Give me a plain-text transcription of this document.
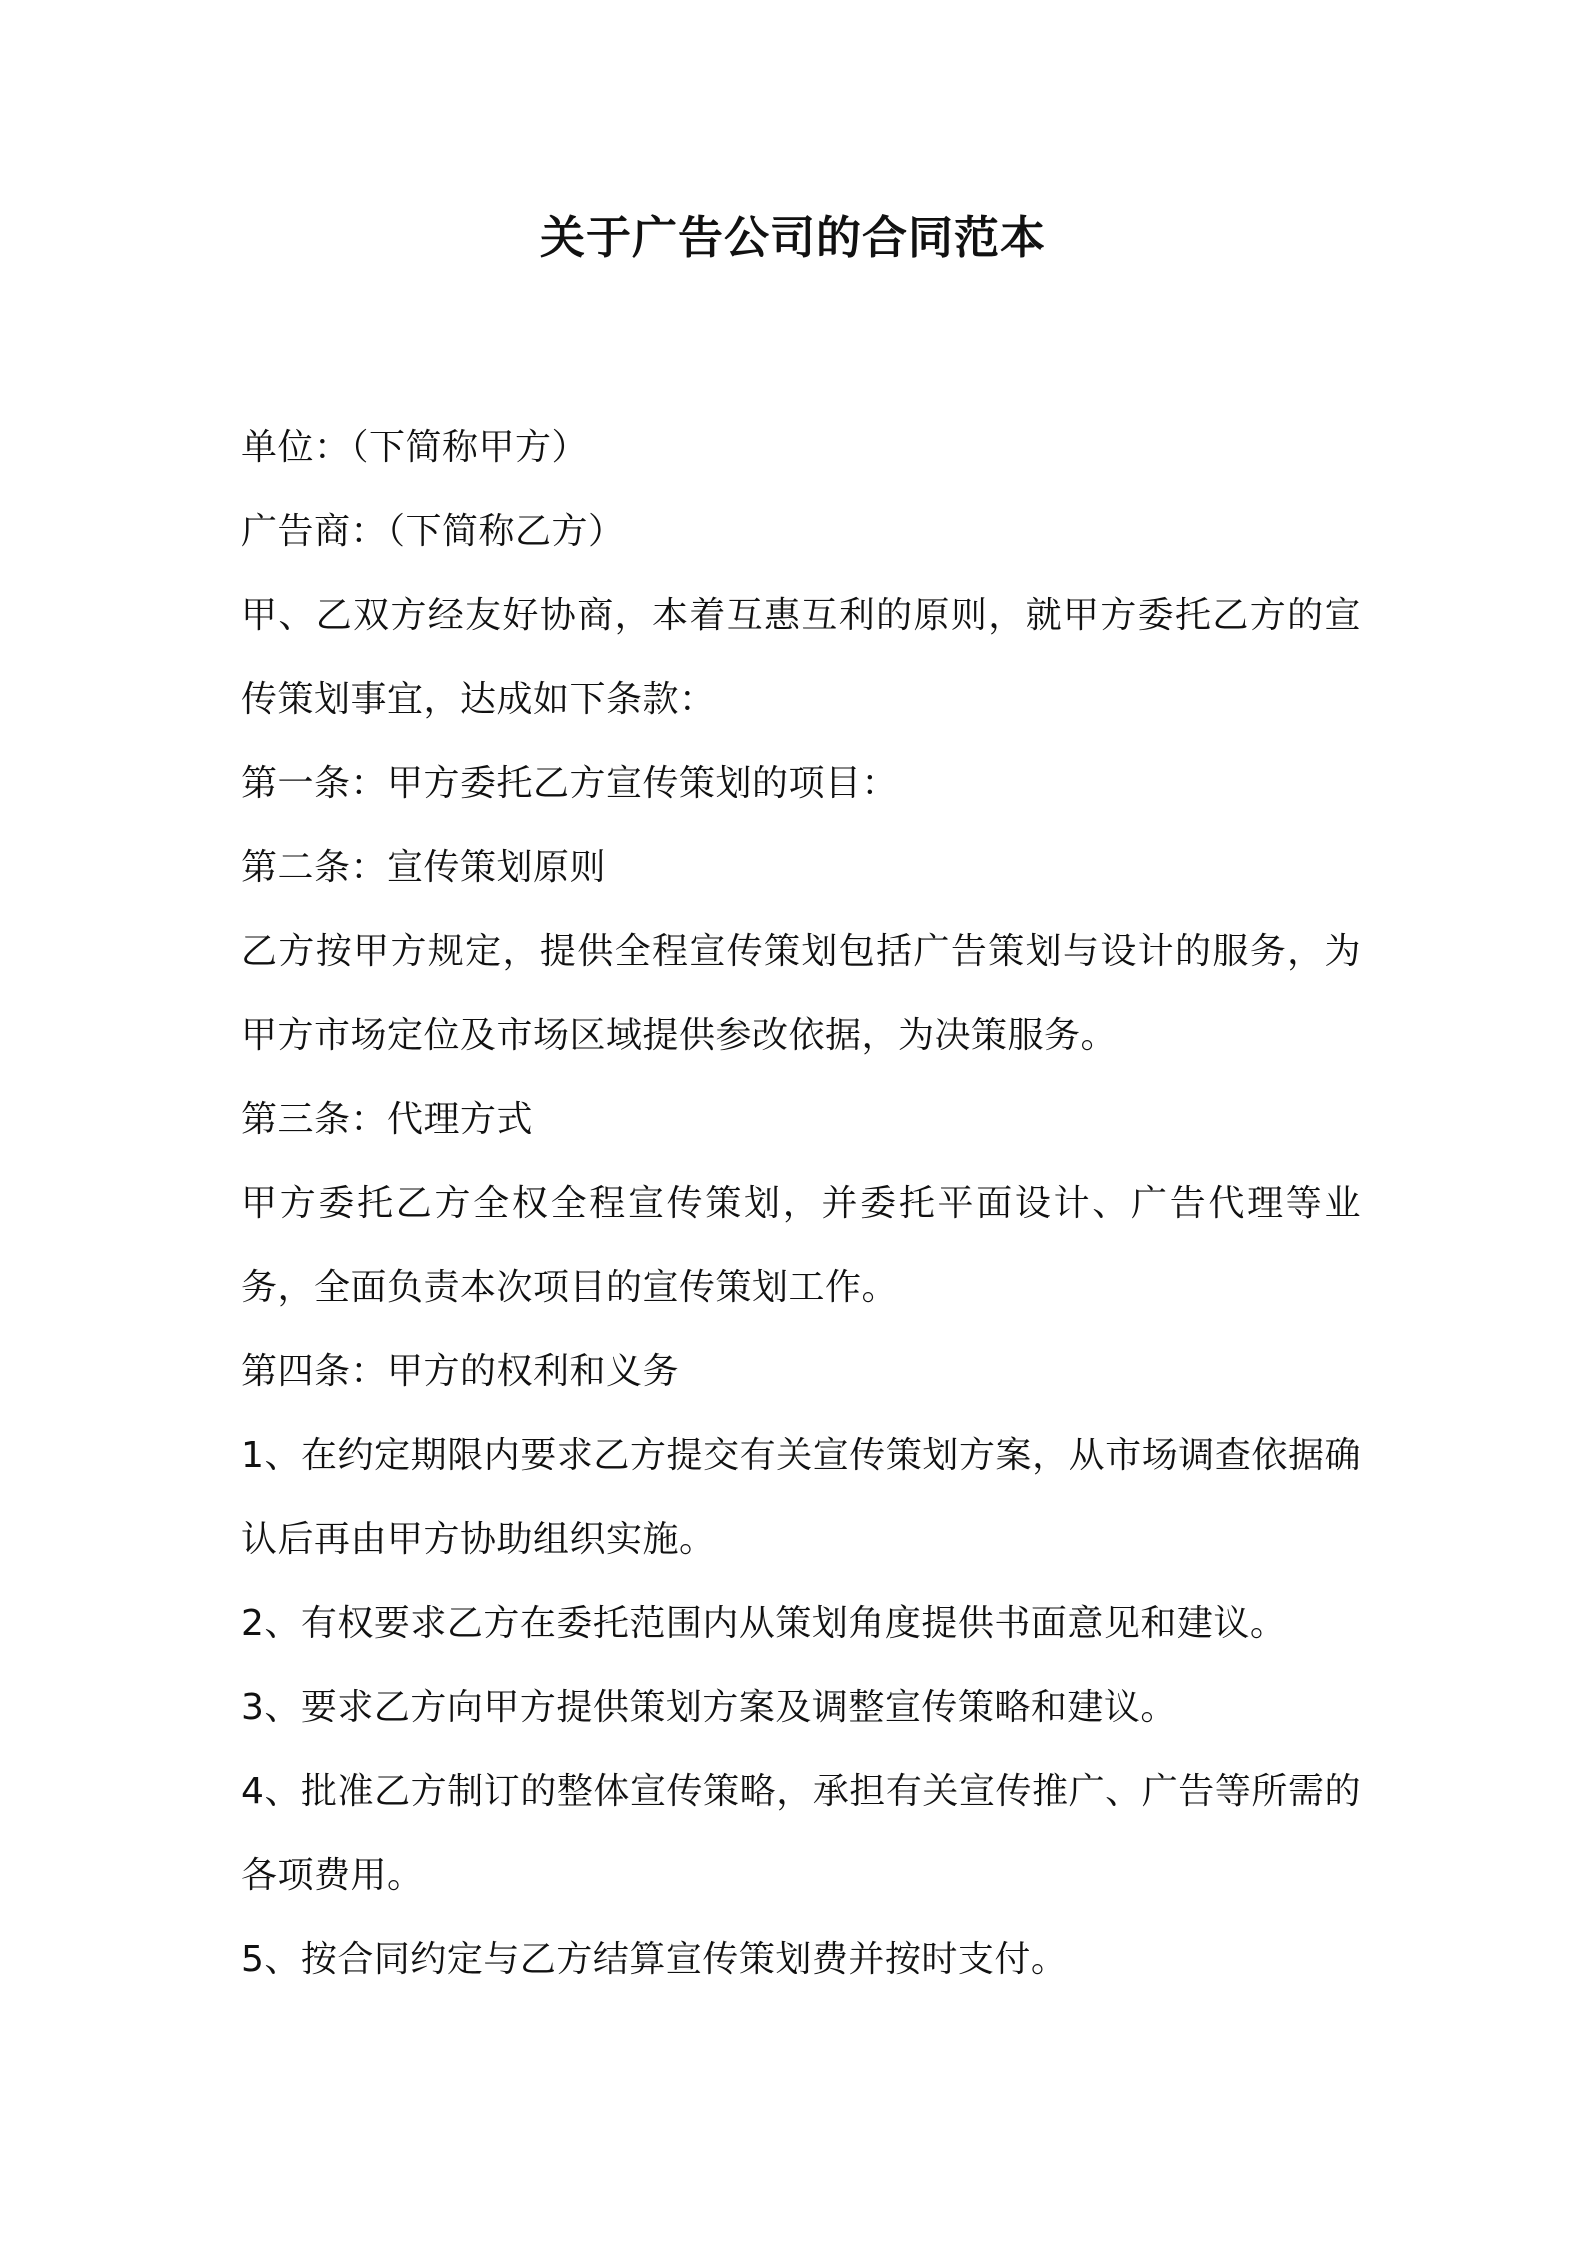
关于广告公司的合同范本

单位：（下简称甲方）

广告商：（下简称乙方）

甲、乙双方经友好协商，本着互惠互利的原则，就甲方委托乙方的宣传策划事宜，达成如下条款：

第一条：甲方委托乙方宣传策划的项目：

第二条：宣传策划原则

乙方按甲方规定，提供全程宣传策划包括广告策划与设计的服务，为甲方市场定位及市场区域提供参改依据，为决策服务。

第三条：代理方式

甲方委托乙方全权全程宣传策划，并委托平面设计、广告代理等业务，全面负责本次项目的宣传策划工作。

第四条：甲方的权利和义务

1、在约定期限内要求乙方提交有关宣传策划方案，从市场调查依据确认后再由甲方协助组织实施。

2、有权要求乙方在委托范围内从策划角度提供书面意见和建议。

3、要求乙方向甲方提供策划方案及调整宣传策略和建议。

4、批准乙方制订的整体宣传策略，承担有关宣传推广、广告等所需的各项费用。

5、按合同约定与乙方结算宣传策划费并按时支付。
